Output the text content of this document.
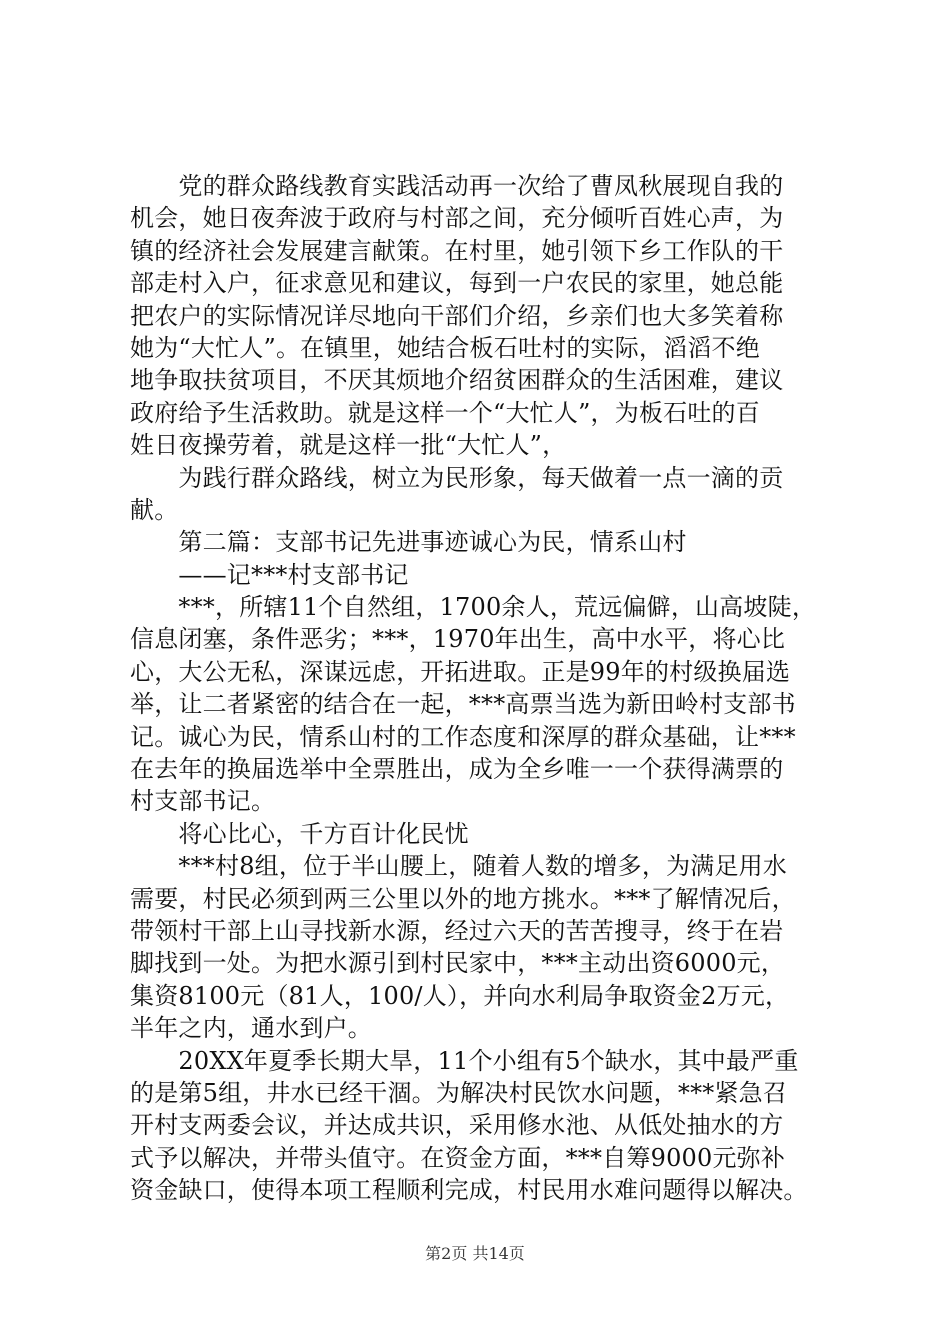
　　党的群众路线教育实践活动再一次给了曹凤秋展现自我的
机会，她日夜奔波于政府与村部之间，充分倾听百姓心声，为
镇的经济社会发展建言献策。在村里，她引领下乡工作队的干
部走村入户，征求意见和建议，每到一户农民的家里，她总能
把农户的实际情况详尽地向干部们介绍，乡亲们也大多笑着称
她为“大忙人”。在镇里，她结合板石吐村的实际，滔滔不绝
地争取扶贫项目，不厌其烦地介绍贫困群众的生活困难，建议
政府给予生活救助。就是这样一个“大忙人”，为板石吐的百
姓日夜操劳着，就是这样一批“大忙人”，
　　为践行群众路线，树立为民形象，每天做着一点一滴的贡
献。
　　第二篇：支部书记先进事迹诚心为民，情系山村
　　——记***村支部书记
　　***，所辖11个自然组，1700余人，荒远偏僻，山高坡陡，
信息闭塞，条件恶劣；***，1970年出生，高中水平，将心比
心，大公无私，深谋远虑，开拓进取。正是99年的村级换届选
举，让二者紧密的结合在一起，***高票当选为新田岭村支部书
记。诚心为民，情系山村的工作态度和深厚的群众基础，让***
在去年的换届选举中全票胜出，成为全乡唯一一个获得满票的
村支部书记。
　　将心比心，千方百计化民忧
　　***村8组，位于半山腰上，随着人数的增多，为满足用水
需要，村民必须到两三公里以外的地方挑水。***了解情况后，
带领村干部上山寻找新水源，经过六天的苦苦搜寻，终于在岩
脚找到一处。为把水源引到村民家中，***主动出资6000元，
集资8100元（81人，100/人），并向水利局争取资金2万元，
半年之内，通水到户。
　　20XX年夏季长期大旱，11个小组有5个缺水，其中最严重
的是第5组，井水已经干涸。为解决村民饮水问题，***紧急召
开村支两委会议，并达成共识，采用修水池、从低处抽水的方
式予以解决，并带头值守。在资金方面，***自筹9000元弥补
资金缺口，使得本项工程顺利完成，村民用水难问题得以解决。
第2页 共14页
